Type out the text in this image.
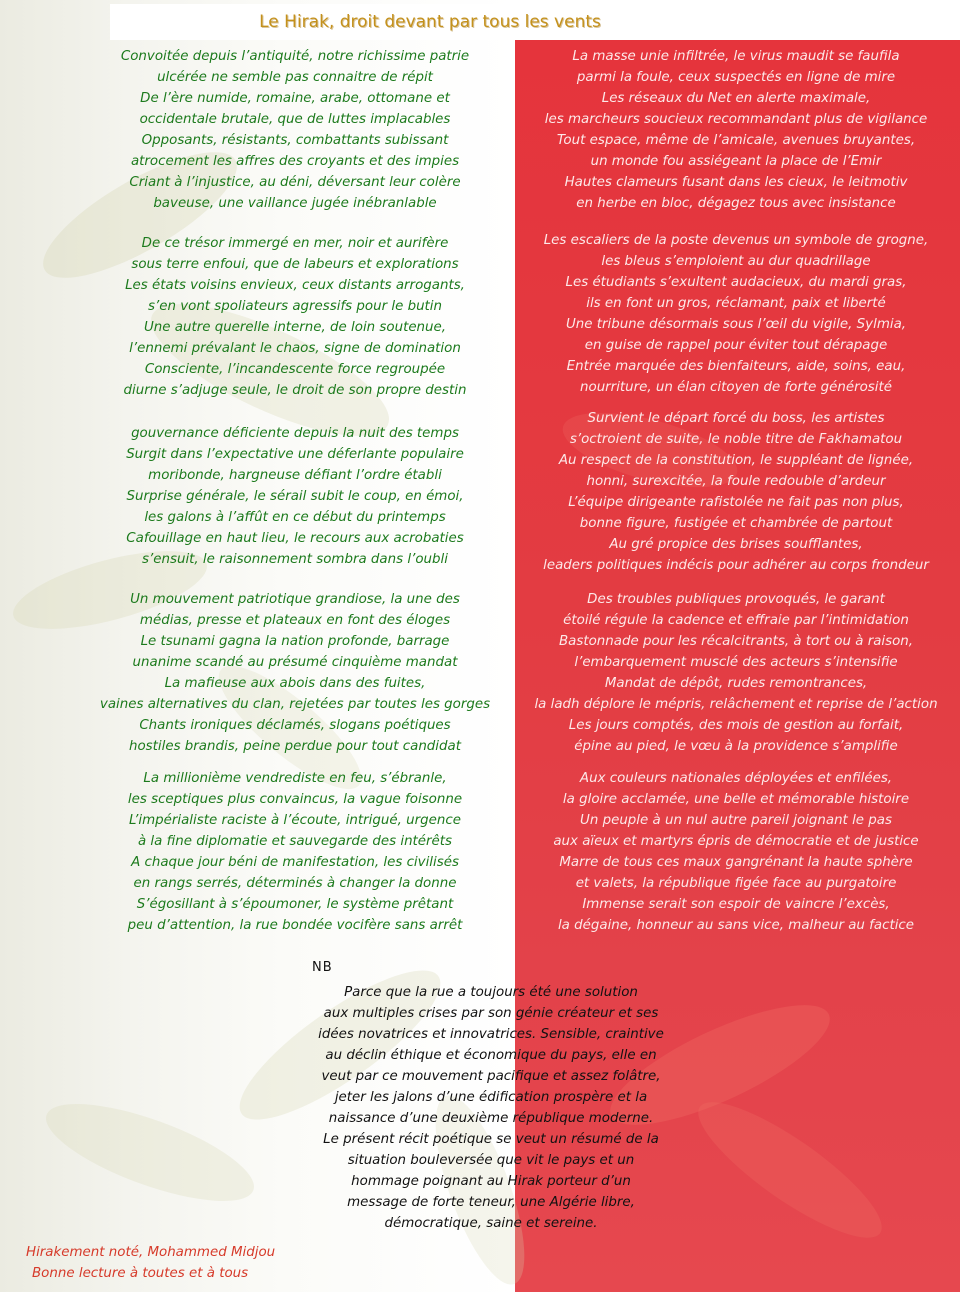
Le Hirak, droit devant par tous les vents

Convoitée depuis l’antiquité, notre richissime patrie

ulcérée ne semble pas connaitre de répit

De l’ère numide, romaine, arabe, ottomane et

occidentale brutale, que de luttes implacables

Opposants, résistants, combattants subissant

atrocement les affres des croyants et des impies

Criant à l’injustice, au déni, déversant leur colère

baveuse, une vaillance jugée inébranlable

De ce trésor immergé en mer, noir et aurifère

sous terre enfoui, que de labeurs et explorations

Les états voisins envieux, ceux distants arrogants,

s’en vont spoliateurs agressifs pour le butin

Une autre querelle interne, de loin soutenue,

l’ennemi prévalant le chaos, signe de domination

Consciente, l’incandescente force regroupée

diurne s’adjuge seule, le droit de son propre destin

gouvernance déficiente depuis la nuit des temps

Surgit dans l’expectative une déferlante populaire

moribonde, hargneuse défiant l’ordre établi

Surprise générale, le sérail subit le coup, en émoi,

les galons à l’affût en ce début du printemps

Cafouillage en haut lieu, le recours aux acrobaties

s’ensuit, le raisonnement sombra dans l’oubli

Un mouvement patriotique grandiose, la une des

médias, presse et plateaux en font des éloges

Le tsunami gagna la nation profonde, barrage

unanime scandé au présumé cinquième mandat

La mafieuse aux abois dans des fuites,

vaines alternatives du clan, rejetées par toutes les gorges

Chants ironiques déclamés, slogans poétiques

hostiles brandis, peine perdue pour tout candidat

La millionième vendrediste en feu, s’ébranle,

les sceptiques plus convaincus, la vague foisonne

L’impérialiste raciste à l’écoute, intrigué, urgence

à la fine diplomatie et sauvegarde des intérêts

A chaque jour béni de manifestation, les civilisés

en rangs serrés, déterminés à changer la donne

S’égosillant à s’époumoner, le système prêtant

peu d’attention, la rue bondée vocifère sans arrêt

La masse unie infiltrée, le virus maudit se faufila

parmi la foule, ceux suspectés en ligne de mire

Les réseaux du Net en alerte maximale,

les marcheurs soucieux recommandant plus de vigilance

Tout espace, même de l’amicale, avenues bruyantes,

un monde fou assiégeant la place de l’Emir

Hautes clameurs fusant dans les cieux, le leitmotiv

en herbe en bloc, dégagez tous avec insistance

Les escaliers de la poste devenus un symbole de grogne,

les bleus s’emploient au dur quadrillage

Les étudiants s’exultent audacieux, du mardi gras,

ils en font un gros, réclamant, paix et liberté

Une tribune désormais sous l’œil du vigile, Sylmia,

en guise de rappel pour éviter tout dérapage

Entrée marquée des bienfaiteurs, aide, soins, eau,

nourriture, un élan citoyen de forte générosité

Survient le départ forcé du boss, les artistes

s’octroient de suite, le noble titre de Fakhamatou

Au respect de la constitution, le suppléant de lignée,

honni, surexcitée, la foule redouble d’ardeur

L’équipe dirigeante rafistolée ne fait pas non plus,

bonne figure, fustigée et chambrée de partout

Au gré propice des brises soufflantes,

leaders politiques indécis pour adhérer au corps frondeur

Des troubles publiques provoqués, le garant

étoilé régule la cadence et effraie par l’intimidation

Bastonnade pour les récalcitrants, à tort ou à raison,

l’embarquement musclé des acteurs s’intensifie

Mandat de dépôt, rudes remontrances,

la ladh déplore le mépris, relâchement et reprise de l’action

Les jours comptés, des mois de gestion au forfait,

épine au pied, le vœu à la providence s’amplifie

Aux couleurs nationales déployées et enfilées,

la gloire acclamée, une belle et mémorable histoire

Un peuple à un nul autre pareil joignant le pas

aux aïeux et martyrs épris de démocratie et de justice

Marre de tous ces maux gangrénant la haute sphère

et valets, la république figée face au purgatoire

Immense serait son espoir de vaincre l’excès,

la dégaine, honneur au sans vice, malheur au factice

NB

Parce que la rue a toujours été une solution

aux multiples crises par son génie créateur et ses

idées novatrices et innovatrices. Sensible, craintive

au déclin éthique et économique du pays, elle en

veut par ce mouvement pacifique et assez folâtre,

jeter les jalons d’une édification prospère et la

naissance d’une deuxième république moderne.

Le présent récit poétique se veut un résumé de la

situation bouleversée que vit le pays et un

hommage poignant au Hirak porteur d’un

message de forte teneur, une Algérie libre,

démocratique, saine et sereine.

Hirakement noté, Mohammed Midjou
Bonne lecture à toutes et à tous
